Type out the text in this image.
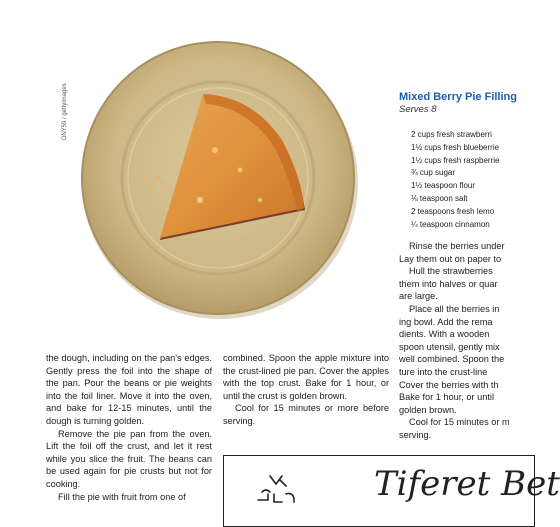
DNY59 / gettyimages	Mixed Berry Pie Filling
Serves 8
2 cups fresh strawberri
1½ cups fresh blueberrie
1½ cups fresh raspberrie
¾ cup sugar
1½ teaspoon flour
⅛ teaspoon salt
2 teaspoons fresh lemo
¼ teaspoon cinnamon

the dough, including on the pan's edges. Gently press the foil into the shape of the pan. Pour the beans or pie weights into the foil liner. Move it into the oven, and bake for 12-15 minutes, until the dough is turning golden.

Remove the pie pan from the oven. Lift the foil off the crust, and let it rest while you slice the fruit. The beans can be used again for pie crusts but not for cooking.

Fill the pie with fruit from one of

combined. Spoon the apple mixture into the crust-lined pie pan. Cover the apples with the top crust. Bake for 1 hour, or until the crust is golden brown.

Cool for 15 minutes or more before serving.

Rinse the berries under
Lay them out on paper to
Hull the strawberries
them into halves or quar
are large.
Place all the berries in
ing bowl. Add the rema
dients. With a wooden
spoon utensil, gently mix
well combined. Spoon the
ture into the crust-line
Cover the berries with th
Bake for 1 hour, or until
golden brown.
Cool for 15 minutes or m
serving.
Tiferet Bet
